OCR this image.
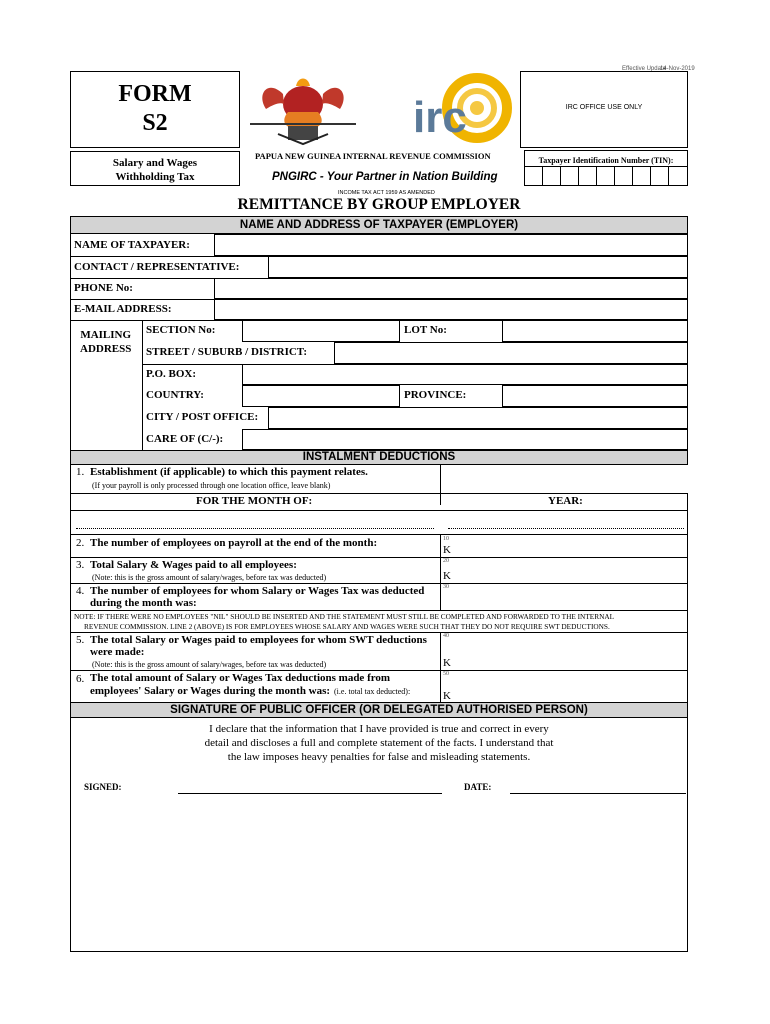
Effective Update
14-Nov-2019
FORM
S2
Salary and Wages
Withholding Tax
irc
PAPUA NEW GUINEA INTERNAL REVENUE COMMISSION
PNGIRC - Your Partner in Nation Building
INCOME TAX ACT 1959 AS AMENDED
IRC OFFICE USE ONLY
Taxpayer Identification Number (TIN):
REMITTANCE BY GROUP EMPLOYER
NAME AND ADDRESS OF TAXPAYER (EMPLOYER)
NAME OF TAXPAYER:
CONTACT / REPRESENTATIVE:
PHONE No:
E-MAIL ADDRESS:
MAILING
ADDRESS
SECTION No:	LOT No:
STREET / SUBURB / DISTRICT:
P.O. BOX:
COUNTRY:	PROVINCE:
CITY / POST OFFICE:
CARE OF (C/-):
INSTALMENT DEDUCTIONS
1. Establishment (if applicable) to which this payment relates.
(If your payroll is only processed through one location office, leave blank)
FOR THE MONTH OF:	YEAR:
2. The number of employees on payroll at the end of the month:	10
K
3. Total Salary & Wages paid to all employees:
(Note: this is the gross amount of salary/wages, before tax was deducted)
20
K
4. The number of employees for whom Salary or Wages Tax was deducted
during the month was:
30
NOTE: IF THERE WERE NO EMPLOYEES "NIL" SHOULD BE INSERTED AND THE STATEMENT MUST STILL BE COMPLETED AND FORWARDED TO THE INTERNAL
REVENUE COMMISSION. LINE 2 (ABOVE) IS FOR EMPLOYEES WHOSE SALARY AND WAGES WERE SUCH THAT THEY DO NOT REQUIRE SWT DEDUCTIONS.
5. The total Salary or Wages paid to employees for whom SWT deductions
were made:
(Note: this is the gross amount of salary/wages, before tax was deducted)
40
K
6. The total amount of Salary or Wages Tax deductions made from
employees' Salary or Wages during the month was: (i.e. total tax deducted):
50
K
SIGNATURE OF PUBLIC OFFICER (OR DELEGATED AUTHORISED PERSON)
I declare that the information that I have provided is true and correct in every
detail and discloses a full and complete statement of the facts. I understand that
the law imposes heavy penalties for false and misleading statements.
SIGNED:	DATE:
